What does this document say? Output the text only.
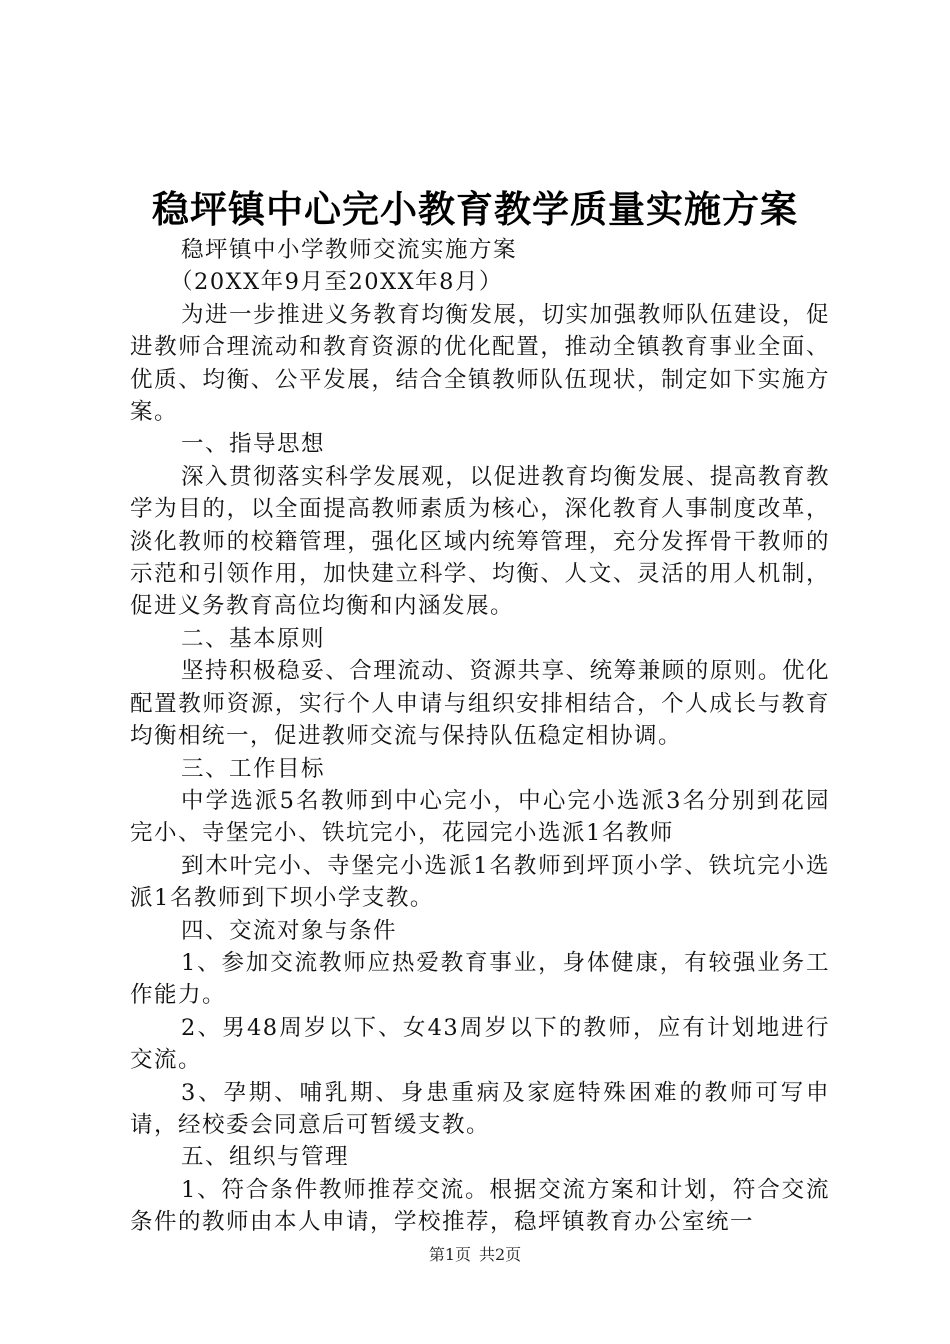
稳坪镇中心完小教育教学质量实施方案

稳坪镇中小学教师交流实施方案

（20XX年9月至20XX年8月）

为进一步推进义务教育均衡发展，切实加强教师队伍建设，促进教师合理流动和教育资源的优化配置，推动全镇教育事业全面、优质、均衡、公平发展，结合全镇教师队伍现状，制定如下实施方案。

一、指导思想

深入贯彻落实科学发展观，以促进教育均衡发展、提高教育教学为目的，以全面提高教师素质为核心，深化教育人事制度改革，淡化教师的校籍管理，强化区域内统筹管理，充分发挥骨干教师的示范和引领作用，加快建立科学、均衡、人文、灵活的用人机制，促进义务教育高位均衡和内涵发展。

二、基本原则

坚持积极稳妥、合理流动、资源共享、统筹兼顾的原则。优化配置教师资源，实行个人申请与组织安排相结合，个人成长与教育均衡相统一，促进教师交流与保持队伍稳定相协调。

三、工作目标

中学选派5名教师到中心完小，中心完小选派3名分别到花园完小、寺堡完小、铁坑完小，花园完小选派1名教师

到木叶完小、寺堡完小选派1名教师到坪顶小学、铁坑完小选派1名教师到下坝小学支教。

四、交流对象与条件

1、参加交流教师应热爱教育事业，身体健康，有较强业务工作能力。

2、男48周岁以下、女43周岁以下的教师，应有计划地进行交流。

3、孕期、哺乳期、身患重病及家庭特殊困难的教师可写申请，经校委会同意后可暂缓支教。

五、组织与管理

1、符合条件教师推荐交流。根据交流方案和计划，符合交流条件的教师由本人申请，学校推荐，稳坪镇教育办公室统一

第1页 共2页
